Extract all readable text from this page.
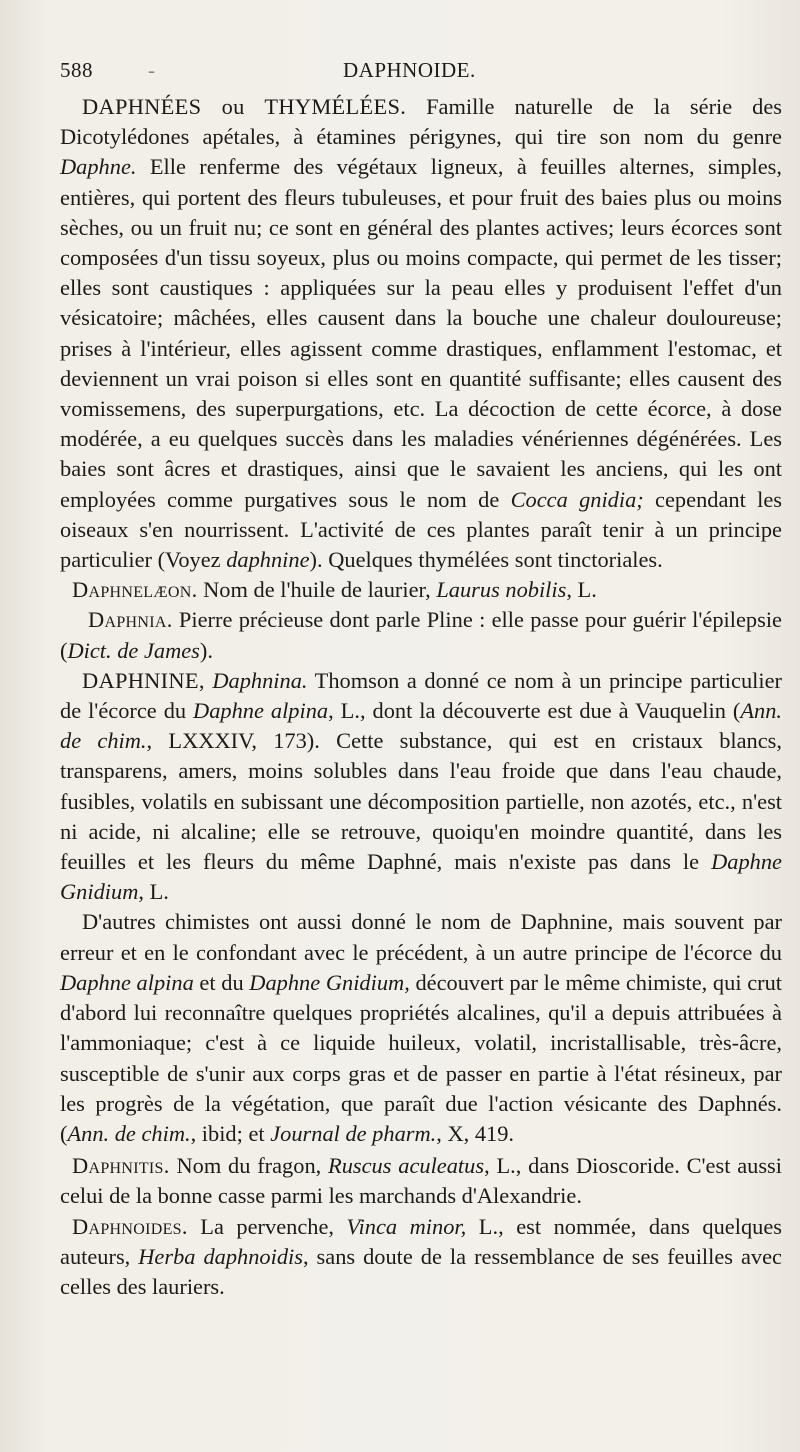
588	-	DAPHNOIDE.

DAPHNÉES ou THYMÉLÉES. Famille naturelle de la série des Dicotylédones apétales, à étamines périgynes, qui tire son nom du genre Daphne. Elle renferme des végétaux ligneux, à feuilles alternes, simples, entières, qui portent des fleurs tubuleuses, et pour fruit des baies plus ou moins sèches, ou un fruit nu; ce sont en général des plantes actives; leurs écorces sont composées d'un tissu soyeux, plus ou moins compacte, qui permet de les tisser; elles sont caustiques : appliquées sur la peau elles y produisent l'effet d'un vésicatoire; mâchées, elles causent dans la bouche une chaleur douloureuse; prises à l'intérieur, elles agissent comme drastiques, enflamment l'estomac, et deviennent un vrai poison si elles sont en quantité suffisante; elles causent des vomissemens, des superpurgations, etc. La décoction de cette écorce, à dose modérée, a eu quelques succès dans les maladies vénériennes dégénérées. Les baies sont âcres et drastiques, ainsi que le savaient les anciens, qui les ont employées comme purgatives sous le nom de Cocca gnidia; cependant les oiseaux s'en nourrissent. L'activité de ces plantes paraît tenir à un principe particulier (Voyez daphnine). Quelques thymélées sont tinctoriales.

Daphnelæon. Nom de l'huile de laurier, Laurus nobilis, L.

Daphnia. Pierre précieuse dont parle Pline : elle passe pour guérir l'épilepsie (Dict. de James).

DAPHNINE, Daphnina. Thomson a donné ce nom à un principe particulier de l'écorce du Daphne alpina, L., dont la découverte est due à Vauquelin (Ann. de chim., LXXXIV, 173). Cette substance, qui est en cristaux blancs, transparens, amers, moins solubles dans l'eau froide que dans l'eau chaude, fusibles, volatils en subissant une décomposition partielle, non azotés, etc., n'est ni acide, ni alcaline; elle se retrouve, quoiqu'en moindre quantité, dans les feuilles et les fleurs du même Daphné, mais n'existe pas dans le Daphne Gnidium, L.

D'autres chimistes ont aussi donné le nom de Daphnine, mais souvent par erreur et en le confondant avec le précédent, à un autre principe de l'écorce du Daphne alpina et du Daphne Gnidium, découvert par le même chimiste, qui crut d'abord lui reconnaître quelques propriétés alcalines, qu'il a depuis attribuées à l'ammoniaque; c'est à ce liquide huileux, volatil, incristallisable, très-âcre, susceptible de s'unir aux corps gras et de passer en partie à l'état résineux, par les progrès de la végétation, que paraît due l'action vésicante des Daphnés. (Ann. de chim., ibid; et Journal de pharm., X, 419.

Daphnitis. Nom du fragon, Ruscus aculeatus, L., dans Dioscoride. C'est aussi celui de la bonne casse parmi les marchands d'Alexandrie.

Daphnoides. La pervenche, Vinca minor, L., est nommée, dans quelques auteurs, Herba daphnoidis, sans doute de la ressemblance de ses feuilles avec celles des lauriers.
